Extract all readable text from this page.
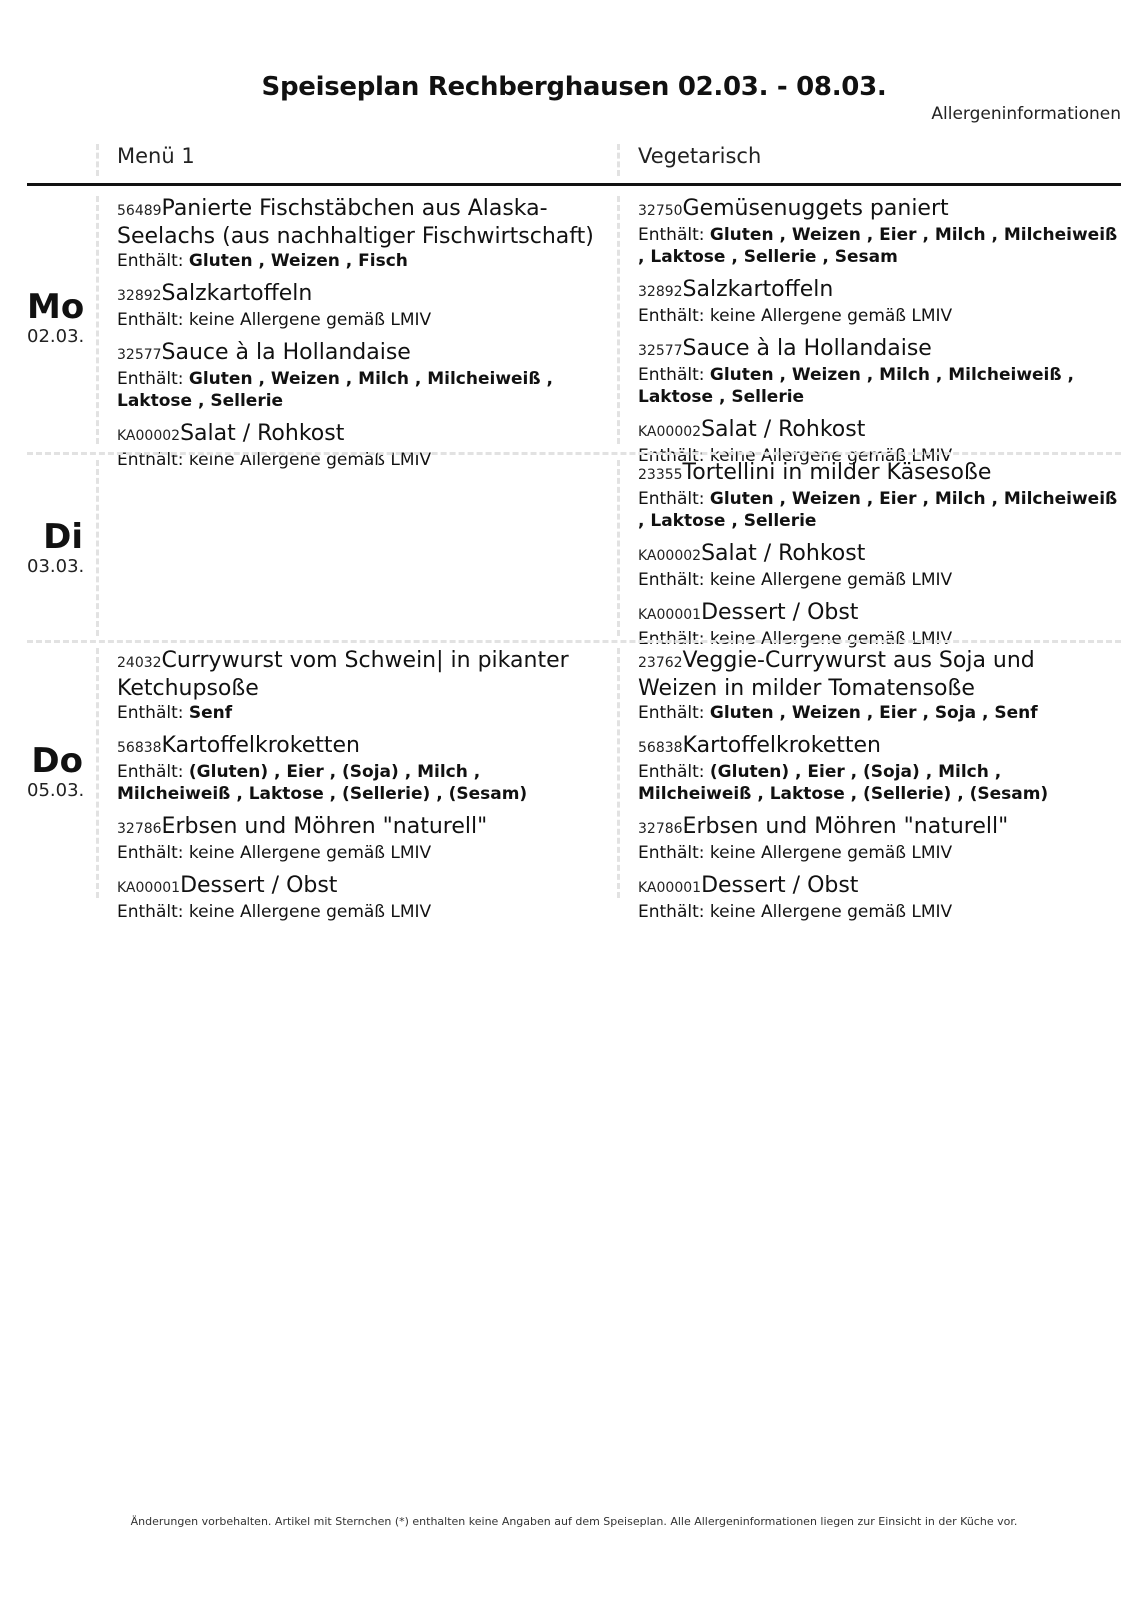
Speiseplan Rechberghausen 02.03. - 08.03.
Allergeninformationen
Menü 1	Vegetarisch
Mo
02.03.
56489Panierte Fischstäbchen aus Alaska-Seelachs (aus nachhaltiger Fischwirtschaft)
Enthält: Gluten , Weizen , Fisch
32892Salzkartoffeln
Enthält: keine Allergene gemäß LMIV
32577Sauce à la Hollandaise
Enthält: Gluten , Weizen , Milch , Milcheiweiß , Laktose , Sellerie
KA00002Salat / Rohkost
Enthält: keine Allergene gemäß LMIV
32750Gemüsenuggets paniert
Enthält: Gluten , Weizen , Eier , Milch , Milcheiweiß , Laktose , Sellerie , Sesam
32892Salzkartoffeln
Enthält: keine Allergene gemäß LMIV
32577Sauce à la Hollandaise
Enthält: Gluten , Weizen , Milch , Milcheiweiß , Laktose , Sellerie
KA00002Salat / Rohkost
Enthält: keine Allergene gemäß LMIV
Di
03.03.
23355Tortellini in milder Käsesoße
Enthält: Gluten , Weizen , Eier , Milch , Milcheiweiß , Laktose , Sellerie
KA00002Salat / Rohkost
Enthält: keine Allergene gemäß LMIV
KA00001Dessert / Obst
Enthält: keine Allergene gemäß LMIV
Do
05.03.
24032Currywurst vom Schwein| in pikanter Ketchupsoße
Enthält: Senf
56838Kartoffelkroketten
Enthält: (Gluten) , Eier , (Soja) , Milch , Milcheiweiß , Laktose , (Sellerie) , (Sesam)
32786Erbsen und Möhren "naturell"
Enthält: keine Allergene gemäß LMIV
KA00001Dessert / Obst
Enthält: keine Allergene gemäß LMIV
23762Veggie-Currywurst aus Soja und Weizen in milder Tomatensoße
Enthält: Gluten , Weizen , Eier , Soja , Senf
56838Kartoffelkroketten
Enthält: (Gluten) , Eier , (Soja) , Milch , Milcheiweiß , Laktose , (Sellerie) , (Sesam)
32786Erbsen und Möhren "naturell"
Enthält: keine Allergene gemäß LMIV
KA00001Dessert / Obst
Enthält: keine Allergene gemäß LMIV
Änderungen vorbehalten. Artikel mit Sternchen (*) enthalten keine Angaben auf dem Speiseplan. Alle Allergeninformationen liegen zur Einsicht in der Küche vor.
